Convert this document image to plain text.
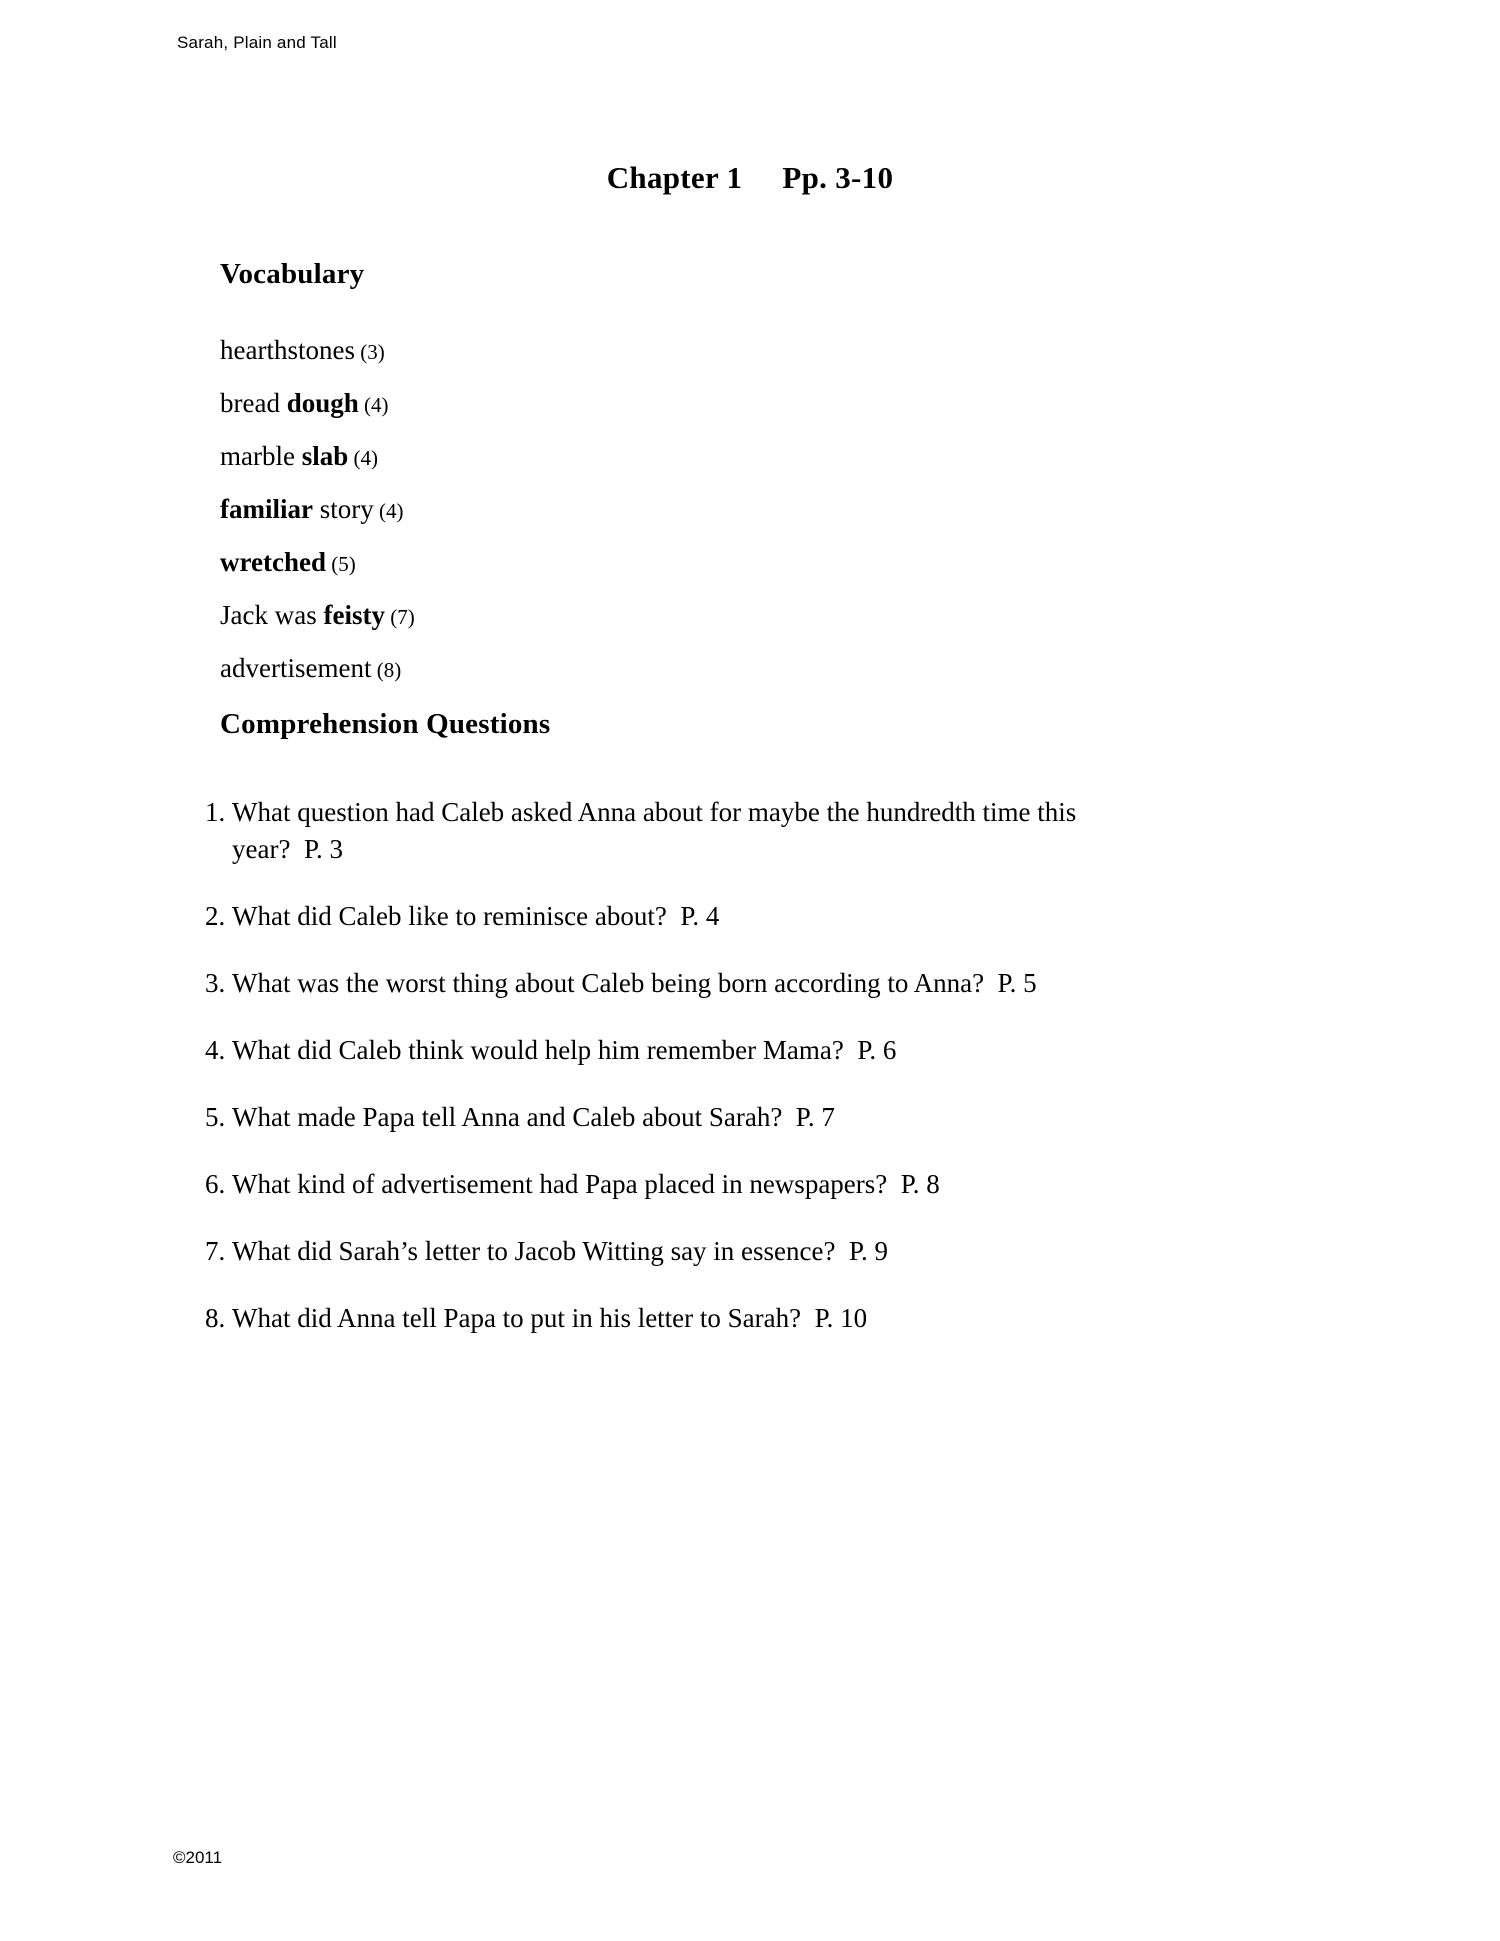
Sarah, Plain and Tall
Chapter 1 Pp. 3-10
Vocabulary
hearthstones (3)
bread dough (4)
marble slab (4)
familiar story (4)
wretched (5)
Jack was feisty (7)
advertisement (8)
Comprehension Questions
1. What question had Caleb asked Anna about for maybe the hundredth time this
year?  P. 3
2. What did Caleb like to reminisce about?  P. 4
3. What was the worst thing about Caleb being born according to Anna?  P. 5
4. What did Caleb think would help him remember Mama?  P. 6
5. What made Papa tell Anna and Caleb about Sarah?  P. 7
6. What kind of advertisement had Papa placed in newspapers?  P. 8
7. What did Sarah’s letter to Jacob Witting say in essence?  P. 9
8. What did Anna tell Papa to put in his letter to Sarah?  P. 10
©2011
